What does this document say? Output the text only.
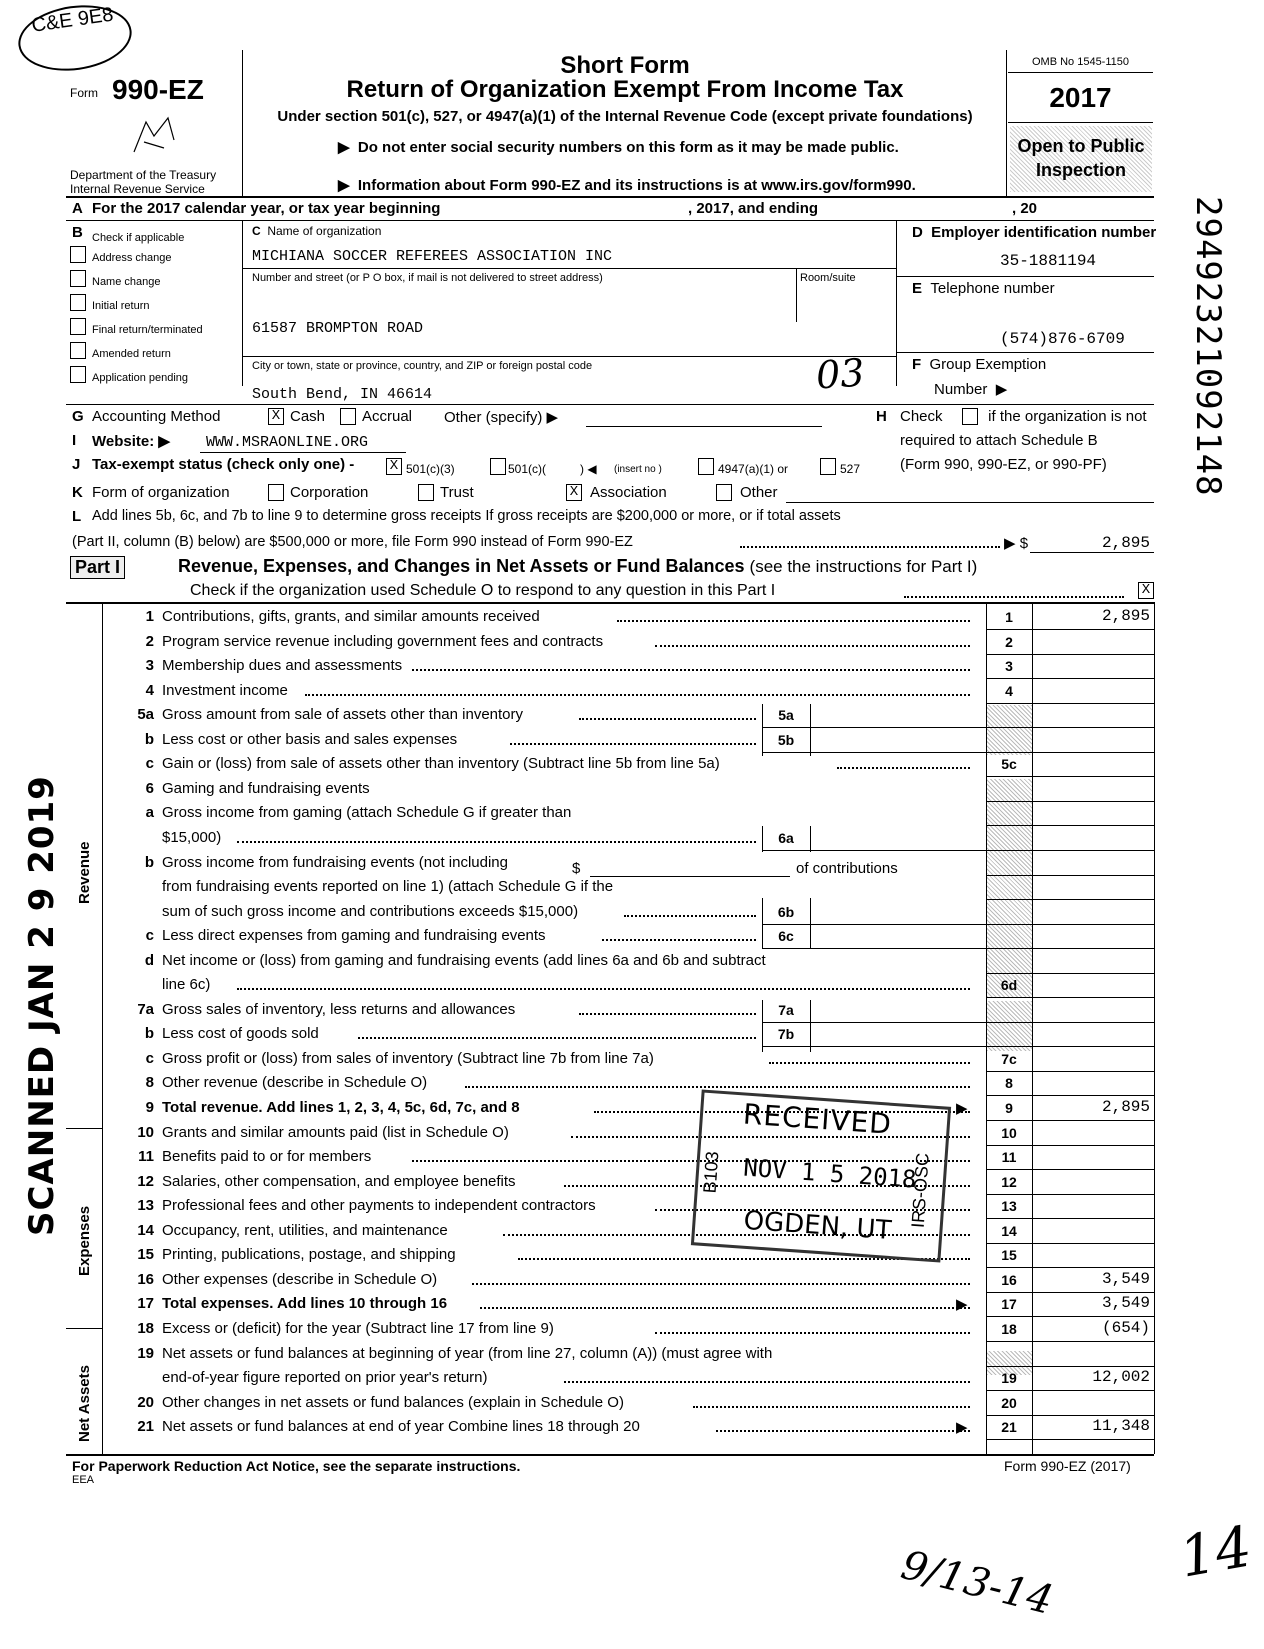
C&E 9E8
Form 990-EZ
Department of the Treasury
Internal Revenue Service
Short Form
Return of Organization Exempt From Income Tax
Under section 501(c), 527, or 4947(a)(1) of the Internal Revenue Code (except private foundations)
▶  Do not enter social security numbers on this form as it may be made public.
▶  Information about Form 990-EZ and its instructions is at www.irs.gov/form990.
OMB No 1545-1150
2017
Open to Public
Inspection
A For the 2017 calendar year, or tax year beginning	, 2017, and ending	, 20
B Check if applicable
Address change
Name change
Initial return
Final return/terminated
Amended return
Application pending
C Name of organization
MICHIANA SOCCER REFEREES ASSOCIATION INC
Number and street (or P O box, if mail is not delivered to street address)	Room/suite
61587 BROMPTON ROAD
City or town, state or province, country, and ZIP or foreign postal code
South Bend, IN 46614	03
D  Employer identification number
35-1881194
E Telephone number
(574)876-6709
F Group Exemption
Number  ▶
G Accounting Method	X Cash Accrual Other (specify) ▶	H Check	if the organization is not
required to attach Schedule B
(Form 990, 990-EZ, or 990-PF)
I Website: ▶ WWW.MSRAONLINE.ORG
J Tax-exempt status (check only one) -	X 501(c)(3)	501(c)(	) ◀ (insert no )	4947(a)(1) or	527
K Form of organization	Corporation	Trust	X Association	Other
L Add lines 5b, 6c, and 7b to line 9 to determine gross receipts If gross receipts are $200,000 or more, or if total assets
(Part II, column (B) below) are $500,000 or more, file Form 990 instead of Form 990-EZ	▶ $	2,895
Part I	Revenue, Expenses, and Changes in Net Assets or Fund Balances (see the instructions for Part I)
Check if the organization used Schedule O to respond to any question in this Part I	X
Revenue
Expenses
Net Assets
1 Contributions, gifts, grants, and similar amounts received	1	2,895
2 Program service revenue including government fees and contracts	2
3 Membership dues and assessments	3
4 Investment income	4
5a Gross amount from sale of assets other than inventory	5a
b Less cost or other basis and sales expenses	5b
c Gain or (loss) from sale of assets other than inventory (Subtract line 5b from line 5a)	5c
6 Gaming and fundraising events
a Gross income from gaming (attach Schedule G if greater than
$15,000)	6a
b Gross income from fundraising events (not including
from fundraising events reported on line 1) (attach Schedule G if the
sum of such gross income and contributions exceeds $15,000)	6b
c Less direct expenses from gaming and fundraising events	6c
d Net income or (loss) from gaming and fundraising events (add lines 6a and 6b and subtract
line 6c)	6d
7a Gross sales of inventory, less returns and allowances	7a
b Less cost of goods sold	7b
c Gross profit or (loss) from sales of inventory (Subtract line 7b from line 7a)	7c
8 Other revenue (describe in Schedule O)	8
9 Total revenue. Add lines 1, 2, 3, 4, 5c, 6d, 7c, and 8	▶	9	2,895
10 Grants and similar amounts paid (list in Schedule O)	10
11 Benefits paid to or for members	11
12 Salaries, other compensation, and employee benefits	12
13 Professional fees and other payments to independent contractors	13
14 Occupancy, rent, utilities, and maintenance	14
15 Printing, publications, postage, and shipping	15
16 Other expenses (describe in Schedule O)	16	3,549
17 Total expenses. Add lines 10 through 16	▶	17	3,549
18 Excess or (deficit) for the year (Subtract line 17 from line 9)	18	(654)
19 Net assets or fund balances at beginning of year (from line 27, column (A)) (must agree with
end-of-year figure reported on prior year's return)	19	12,002
20 Other changes in net assets or fund balances (explain in Schedule O)	20
21 Net assets or fund balances at end of year Combine lines 18 through 20	▶	21	11,348
$	of contributions
For Paperwork Reduction Act Notice, see the separate instructions.	Form 990-EZ (2017)
EEA
RECEIVED
NOV 1 5 2018
OGDEN, UT
B103	IRS-OSC
SCANNED JAN 2 9 2019
29492321092148
9/13-14 14
